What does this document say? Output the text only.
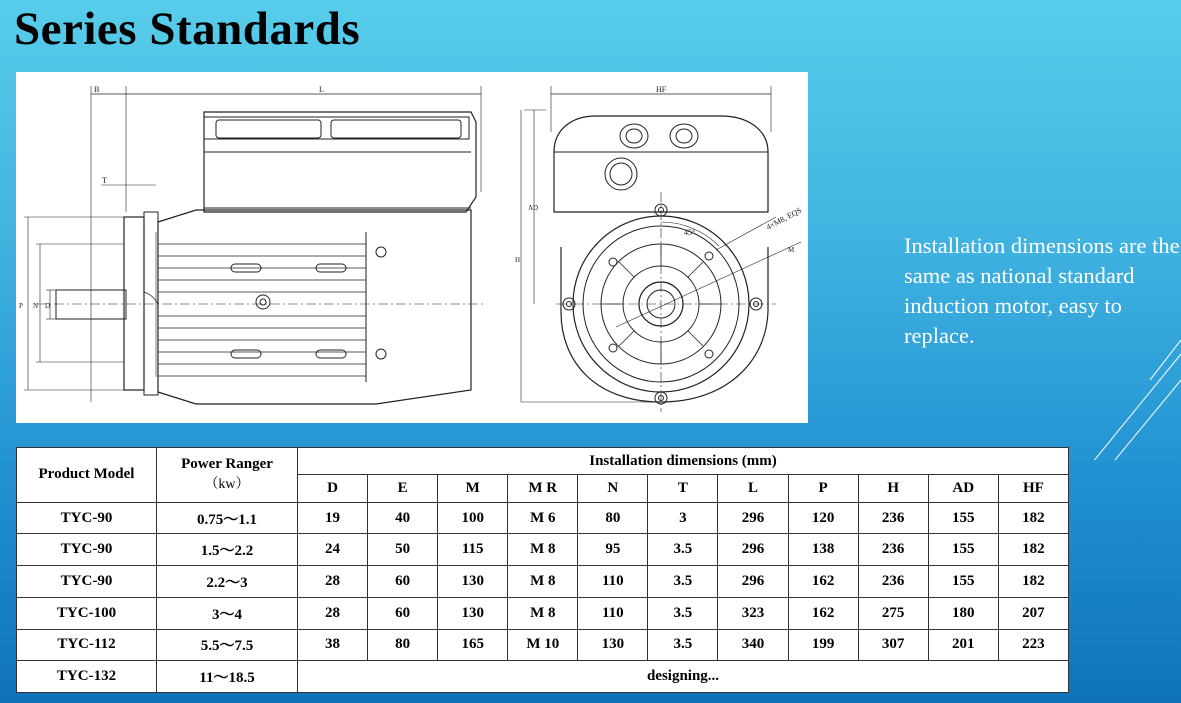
Series Standards
B	L
T
P N D
HF
AD
H
45°
4×M8, EQS
M	Installation dimensions are the same as national standard induction motor, easy to replace.
Product Model	Power Ranger
（kw）	Installation dimensions (mm)										
		D	E	M	M R	N	T	L	P	H	AD	HF
TYC-90	0.75～1.1	19	40	100	M 6	80	3	296	120	236	155	182
TYC-90	1.5～2.2	24	50	115	M 8	95	3.5	296	138	236	155	182
TYC-90	2.2～3	28	60	130	M 8	110	3.5	296	162	236	155	182
TYC-100	3～4	28	60	130	M 8	110	3.5	323	162	275	180	207
TYC-112	5.5～7.5	38	80	165	M 10	130	3.5	340	199	307	201	223
TYC-132	11～18.5	designing...										
